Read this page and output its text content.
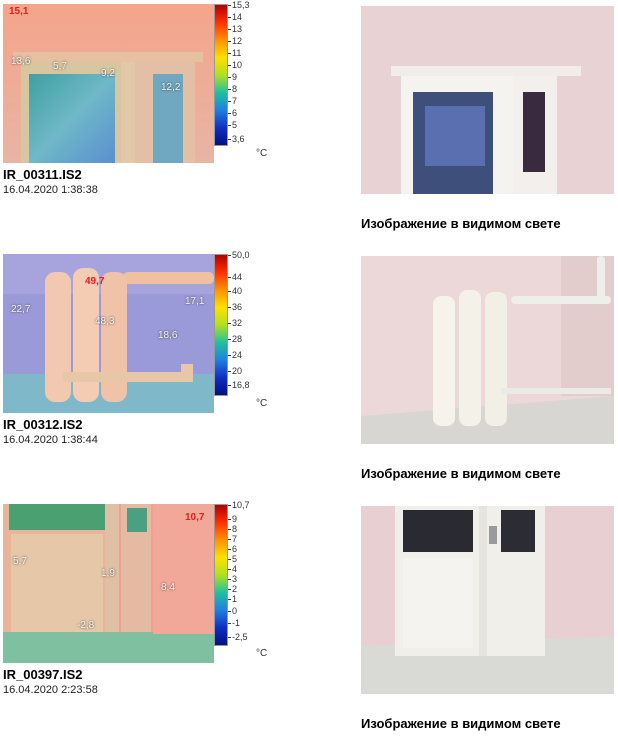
15,1
13,6 5,7
9,2
12,2
15,3
14
13
12
11
10
9
8
7
6
5
3,6
°C
IR_00311.IS2
16.04.2020 1:38:38
Изображение в видимом свете
49,7
22,7
48,3
17,1
18,6
50,0
44
40
36
32
28
24
20
16,8
°C
IR_00312.IS2
16.04.2020 1:38:44
Изображение в видимом свете
10,7
5,7
1,9
8,4
-2,8
10,7
9
8
7
6
5
4
3
2
1
0
-1
-2,5
°C
IR_00397.IS2
16.04.2020 2:23:58
Изображение в видимом свете
